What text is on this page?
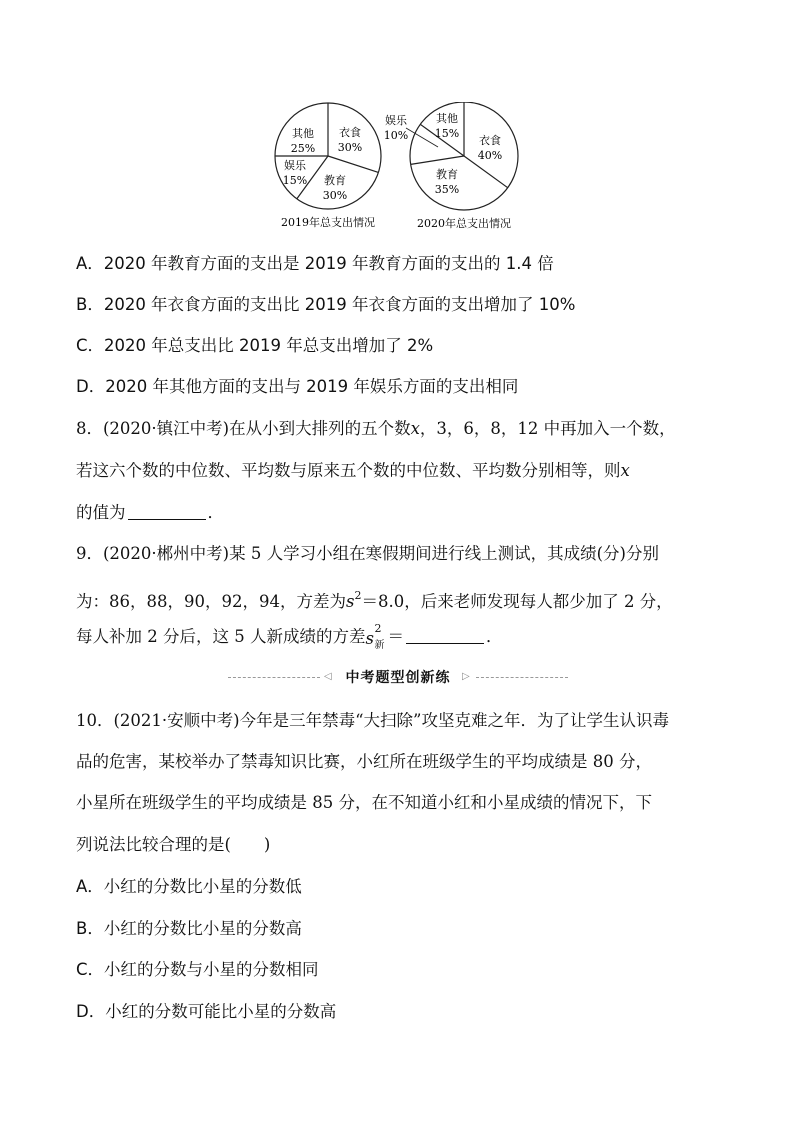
衣食
30%
教育
30%
娱乐
15%
其他
25%
2019年总支出情况
衣食
40%
教育
35%
娱乐
10%
其他
15%
2020年总支出情况
A．2020 年教育方面的支出是 2019 年教育方面的支出的 1.4 倍
B．2020 年衣食方面的支出比 2019 年衣食方面的支出增加了 10%
C．2020 年总支出比 2019 年总支出增加了 2%
D．2020 年其他方面的支出与 2019 年娱乐方面的支出相同
8．(2020·镇江中考)在从小到大排列的五个数x，3，6，8，12 中再加入一个数，
若这六个数的中位数、平均数与原来五个数的中位数、平均数分别相等，则x
的值为	．
9．(2020·郴州中考)某 5 人学习小组在寒假期间进行线上测试，其成绩(分)分别
为：86，88，90，92，94，方差为$s^2=8.0$，后来老师发现每人都少加了 2 分，
每人补加 2 分后，这 5 人新成绩的方差 s
2
新 ＝	．
◁ 中考题型创新练	▷
10．(2021·安顺中考)今年是三年禁毒“大扫除”攻坚克难之年．为了让学生认识毒
品的危害，某校举办了禁毒知识比赛，小红所在班级学生的平均成绩是 80 分，
小星所在班级学生的平均成绩是 85 分，在不知道小红和小星成绩的情况下，下
列说法比较合理的是(　　)
A．小红的分数比小星的分数低
B．小红的分数比小星的分数高
C．小红的分数与小星的分数相同
D．小红的分数可能比小星的分数高
